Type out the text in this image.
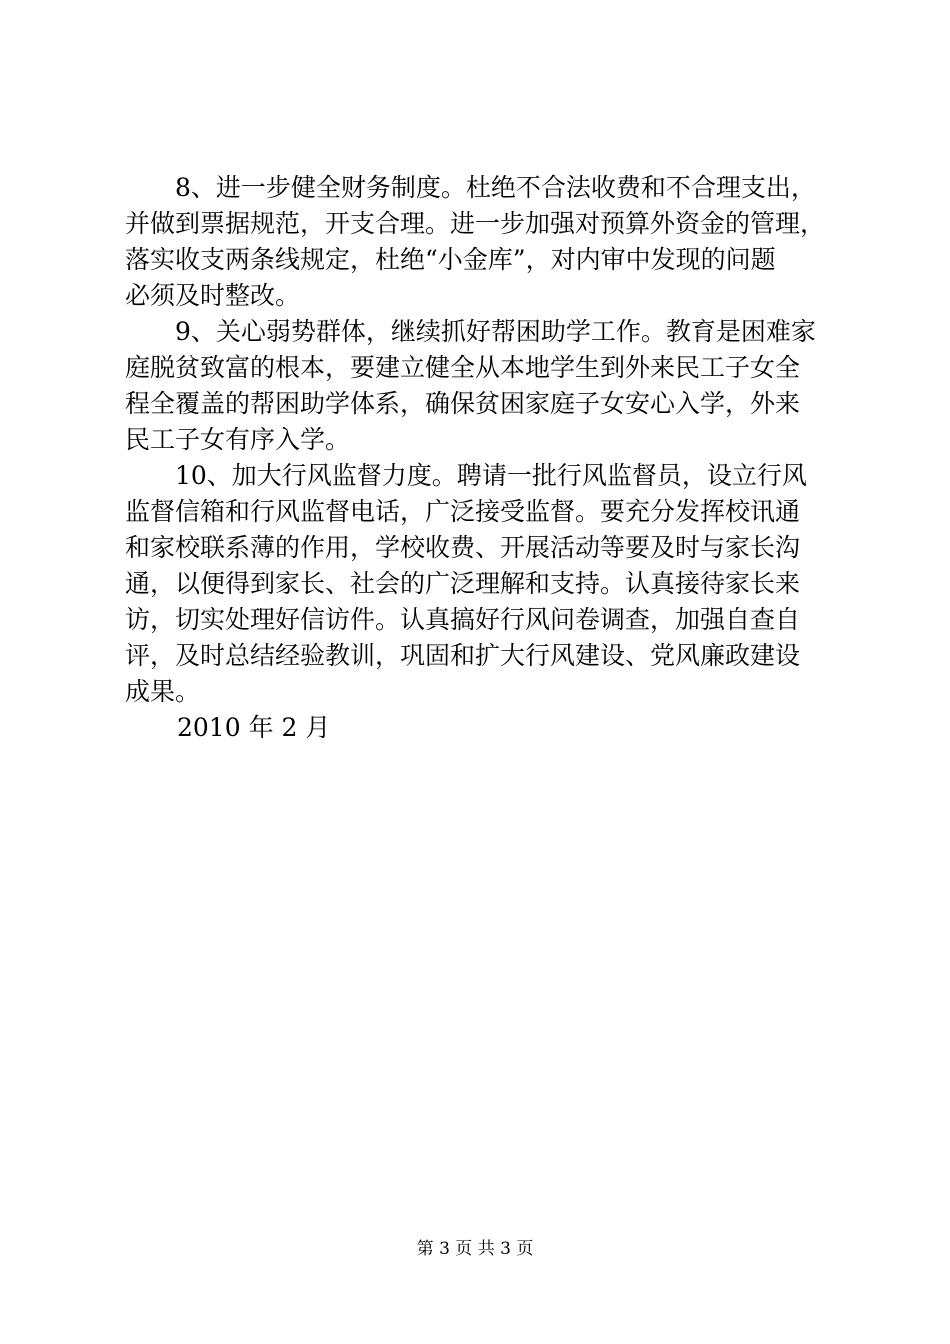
8、进一步健全财务制度。杜绝不合法收费和不合理支出，
并做到票据规范，开支合理。进一步加强对预算外资金的管理，
落实收支两条线规定，杜绝“小金库”，对内审中发现的问题
必须及时整改。
9、关心弱势群体，继续抓好帮困助学工作。教育是困难家
庭脱贫致富的根本，要建立健全从本地学生到外来民工子女全
程全覆盖的帮困助学体系，确保贫困家庭子女安心入学，外来
民工子女有序入学。
10、加大行风监督力度。聘请一批行风监督员，设立行风
监督信箱和行风监督电话，广泛接受监督。要充分发挥校讯通
和家校联系薄的作用，学校收费、开展活动等要及时与家长沟
通，以便得到家长、社会的广泛理解和支持。认真接待家长来
访，切实处理好信访件。认真搞好行风问卷调查，加强自查自
评，及时总结经验教训，巩固和扩大行风建设、党风廉政建设
成果。
2010 年 2 月
第 3 页 共 3 页
